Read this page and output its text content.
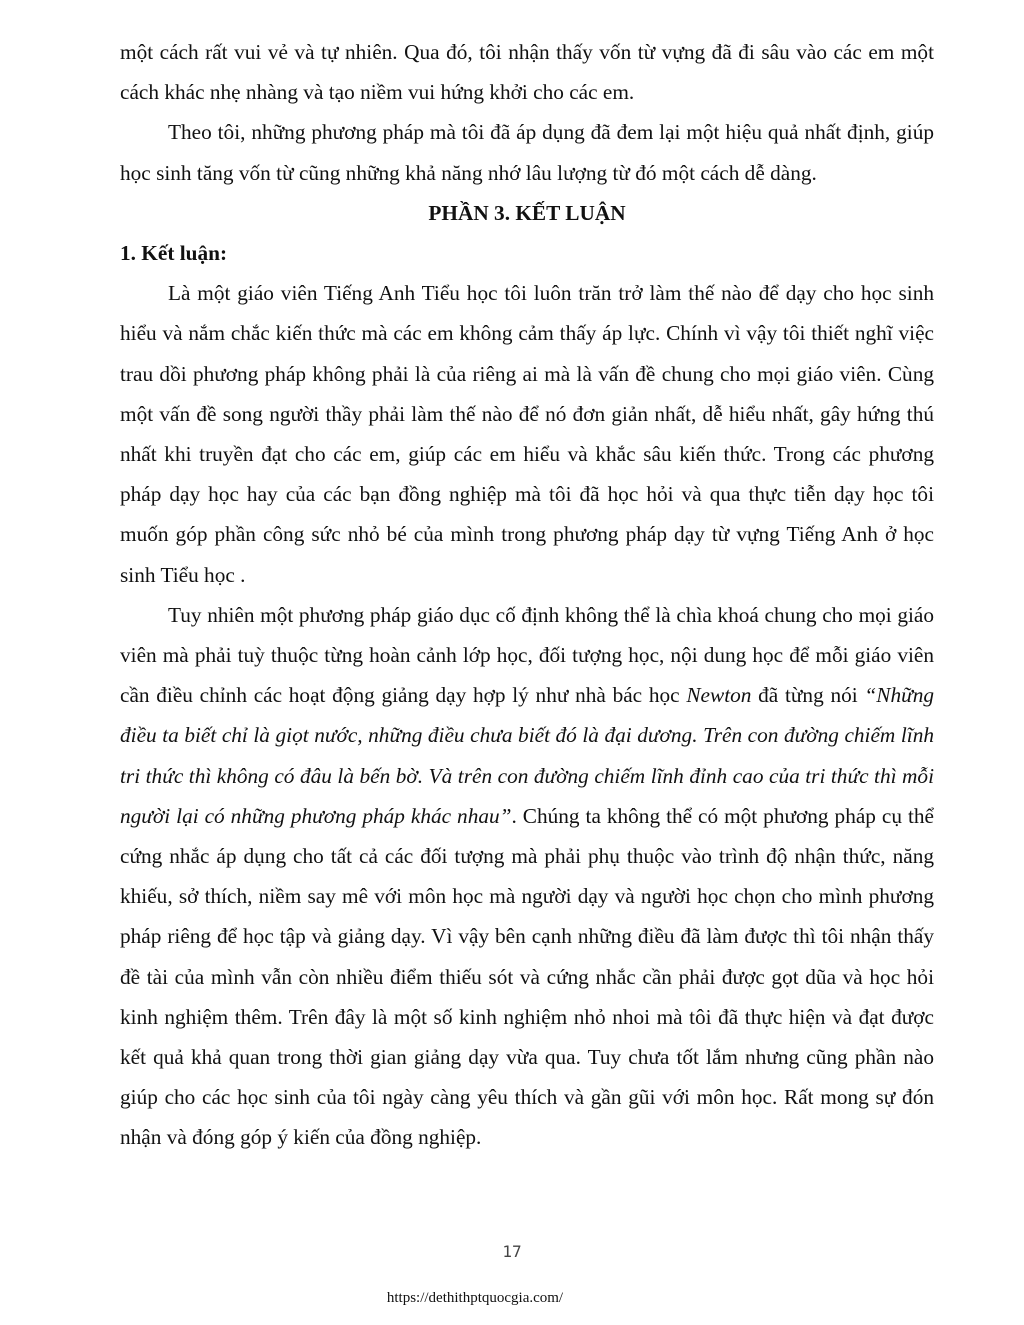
một cách rất vui vẻ và tự nhiên. Qua đó, tôi nhận thấy vốn từ vựng đã đi sâu vào các em một cách khác nhẹ nhàng và tạo niềm vui hứng khởi cho các em.

Theo tôi, những phương pháp mà tôi đã áp dụng đã đem lại một hiệu quả nhất định, giúp học sinh tăng vốn từ cũng những khả năng nhớ lâu lượng từ đó một cách dễ dàng.

PHẦN 3. KẾT LUẬN

1. Kết luận:

Là một giáo viên Tiếng Anh Tiểu học tôi luôn trăn trở làm thế nào để dạy cho học sinh hiểu và nắm chắc kiến thức mà các em không cảm thấy áp lực. Chính vì vậy tôi thiết nghĩ việc trau dồi phương pháp không phải là của riêng ai mà là vấn đề chung cho mọi giáo viên. Cùng một vấn đề song người thầy phải làm thế nào để nó đơn giản nhất, dễ hiểu nhất, gây hứng thú nhất khi truyền đạt cho các em, giúp các em hiểu và khắc sâu kiến thức. Trong các phương pháp dạy học hay của các bạn đồng nghiệp mà tôi đã học hỏi và qua thực tiễn dạy học tôi muốn góp phần công sức nhỏ bé của mình trong phương pháp dạy từ vựng Tiếng Anh ở học sinh Tiểu học .

Tuy nhiên một phương pháp giáo dục cố định không thể là chìa khoá chung cho mọi giáo viên mà phải tuỳ thuộc từng hoàn cảnh lớp học, đối tượng học, nội dung học để mỗi giáo viên cần điều chỉnh các hoạt động giảng dạy hợp lý như nhà bác học Newton đã từng nói “Những điều ta biết chỉ là giọt nước, những điều chưa biết đó là đại dương. Trên con đường chiếm lĩnh tri thức thì không có đâu là bến bờ. Và trên con đường chiếm lĩnh đỉnh cao của tri thức thì mỗi người lại có những phương pháp khác nhau”. Chúng ta không thể có một phương pháp cụ thể cứng nhắc áp dụng cho tất cả các đối tượng mà phải phụ thuộc vào trình độ nhận thức, năng khiếu, sở thích, niềm say mê với môn học mà người dạy và người học chọn cho mình phương pháp riêng để học tập và giảng dạy. Vì vậy bên cạnh những điều đã làm được thì tôi nhận thấy đề tài của mình vẫn còn nhiều điểm thiếu sót và cứng nhắc cần phải được gọt dũa và học hỏi kinh nghiệm thêm. Trên đây là một số kinh nghiệm nhỏ nhoi mà tôi đã thực hiện và đạt được kết quả khả quan trong thời gian giảng dạy vừa qua. Tuy chưa tốt lắm nhưng cũng phần nào giúp cho các học sinh của tôi ngày càng yêu thích và gần gũi với môn học. Rất mong sự đón nhận và đóng góp ý kiến của đồng nghiệp.

17
https://dethithptquocgia.com/
